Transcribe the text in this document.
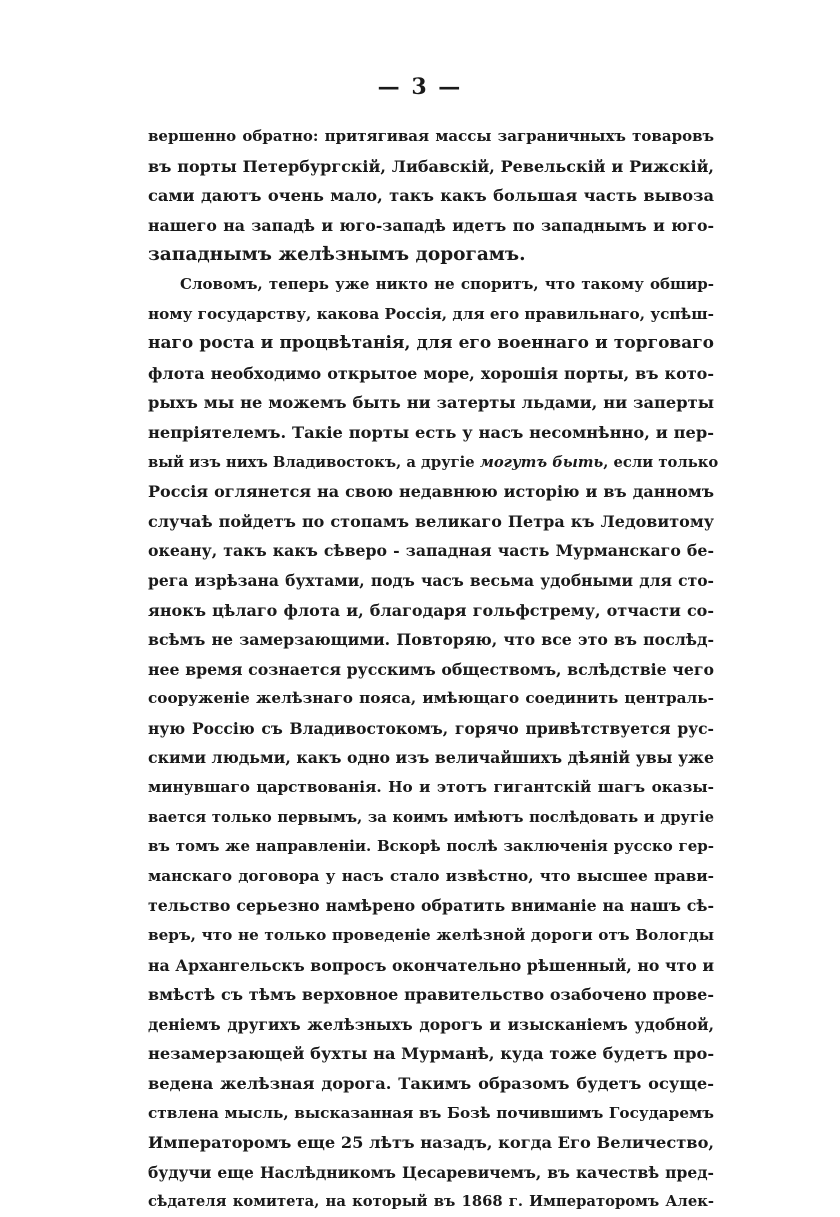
— 3 —
вершенно обратно: притягивая массы заграничныхъ товаровъ
въ порты Петербургскій, Либавскій, Ревельскій и Рижскій,
сами даютъ очень мало, такъ какъ большая часть вывоза
нашего на западѣ и юго-западѣ идетъ по западнымъ и юго-
западнымъ желѣзнымъ дорогамъ.
Словомъ, теперь уже никто не споритъ, что такому обшир-
ному государству, какова Россія, для его правильнаго, успѣш-
наго роста и процвѣтанія, для его военнаго и торговаго
флота необходимо открытое море, хорошія порты, въ кото-
рыхъ мы не можемъ быть ни затерты льдами, ни заперты
непріятелемъ. Такіе порты есть у насъ несомнѣнно, и пер-
вый изъ нихъ Владивостокъ, а другіе могутъ быть, если только
Россія оглянется на свою недавнюю исторію и въ данномъ
случаѣ пойдетъ по стопамъ великаго Петра къ Ледовитому
океану, такъ какъ сѣверо - западная часть Мурманскаго бе-
рега изрѣзана бухтами, подъ часъ весьма удобными для сто-
янокъ цѣлаго флота и, благодаря гольфстрему, отчасти со-
всѣмъ не замерзающими. Повторяю, что все это въ послѣд-
нее время сознается русскимъ обществомъ, вслѣдствіе чего
сооруженіе желѣзнаго пояса, имѣющаго соединить централь-
ную Россію съ Владивостокомъ, горячо привѣтствуется рус-
скими людьми, какъ одно изъ величайшихъ дѣяній увы уже
минувшаго царствованія. Но и этотъ гигантскій шагъ оказы-
вается только первымъ, за коимъ имѣютъ послѣдовать и другіе
въ томъ же направленіи. Вскорѣ послѣ заключенія русско гер-
манскаго договора у насъ стало извѣстно, что высшее прави-
тельство серьезно намѣрено обратить вниманіе на нашъ сѣ-
веръ, что не только проведеніе желѣзной дороги отъ Вологды
на Архангельскъ вопросъ окончательно рѣшенный, но что и
вмѣстѣ съ тѣмъ верховное правительство озабочено прове-
деніемъ другихъ желѣзныхъ дорогъ и изысканіемъ удобной,
незамерзающей бухты на Мурманѣ, куда тоже будетъ про-
ведена желѣзная дорога. Такимъ образомъ будетъ осуще-
ствлена мысль, высказанная въ Бозѣ почившимъ Государемъ
Императоромъ еще 25 лѣтъ назадъ, когда Его Величество,
будучи еще Наслѣдникомъ Цесаревичемъ, въ качествѣ пред-
сѣдателя комитета, на который въ 1868 г. Императоромъ Алек-
